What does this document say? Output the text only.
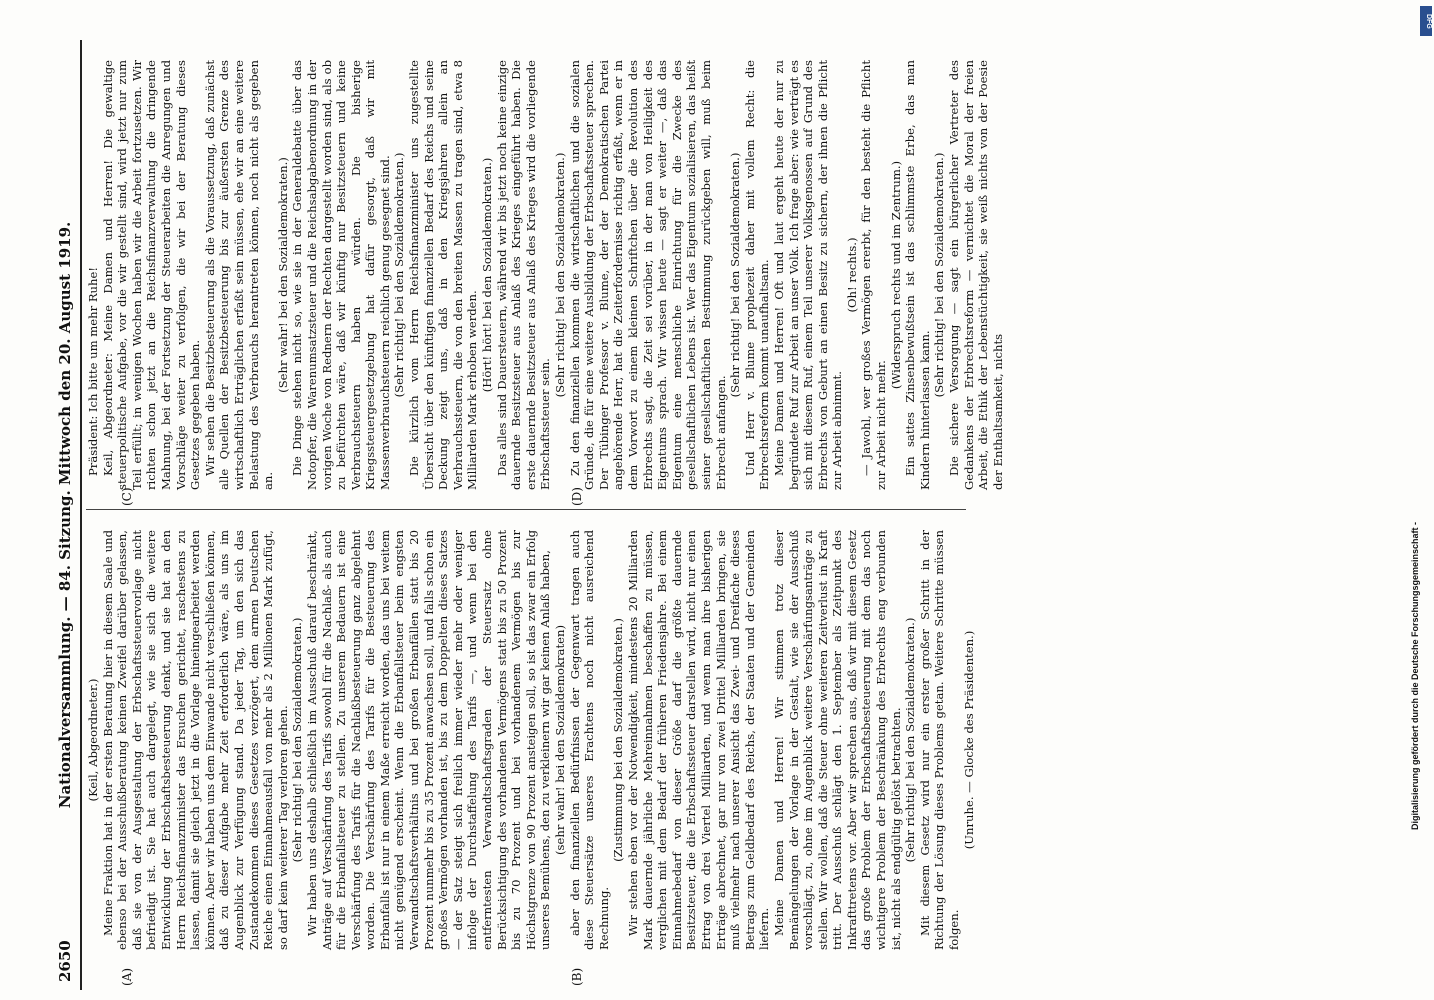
2650
Nationalversammlung. — 84. Sitzung. Mittwoch den 20. August 1919.
(A)	(B)
(C)	(D)

(Keil, Abgeordneter.) Meine Fraktion hat in der ersten Beratung hier in diesem Saale und ebenso bei der Ausschußberatung keinen Zweifel darüber gelassen, daß sie von der Ausgestaltung der Erbschaftssteuervorlage nicht befriedigt ist. Sie hat auch dargelegt, wie sie sich die weitere Entwicklung der Erbschaftsbesteuerung denkt, und sie hat an den Herrn Reichsfinanzminister das Ersuchen gerichtet, raschestens zu lassen, damit sie gleich jetzt in die Vorlage hineingearbeitet werden können. Aber wir haben uns dem Einwande nicht verschließen können, daß zu dieser Aufgabe mehr Zeit erforderlich wäre, als uns im Augenblick zur Verfügung stand. Da jeder Tag, um den sich das Zustandekommen dieses Gesetzes verzögert, dem armen Deutschen Reiche einen Einnahmeausfall von mehr als 2 Millionen Mark zufügt, so darf kein weiterer Tag verloren gehen. (Sehr richtig! bei den Sozialdemokraten.) Wir haben uns deshalb schließlich im Ausschuß darauf beschränkt, Anträge auf Verschärfung des Tarifs sowohl für die Nachlaß- als auch für die Erbanfallsteuer zu stellen. Zu unserem Bedauern ist eine Verschärfung des Tarifs für die Nachlaßbesteuerung ganz abgelehnt worden. Die Verschärfung des Tarifs für die Besteuerung des Erbanfalls ist nur in einem Maße erreicht worden, das uns bei weitem nicht genügend erscheint. Wenn die Erbanfallsteuer beim engsten Verwandtschaftsverhältnis und bei großen Erbanfällen statt bis 20 Prozent nunmehr bis zu 35 Prozent anwachsen soll, und falls schon ein großes Vermögen vorhanden ist, bis zu dem Doppelten dieses Satzes — der Satz steigt sich freilich immer wieder mehr oder weniger infolge der Durchstaffelung des Tarifs —, und wenn bei den entferntesten Verwandtschaftsgraden der Steuersatz ohne Berücksichtigung des vorhandenen Vermögens statt bis zu 50 Prozent bis zu 70 Prozent und bei vorhandenem Vermögen bis zur Höchstgrenze von 90 Prozent ansteigen soll, so ist das zwar ein Erfolg unseres Bemühens, den zu verkleinern wir gar keinen Anlaß haben, (sehr wahr! bei den Sozialdemokraten) aber den finanziellen Bedürfnissen der Gegenwart tragen auch diese Steuersätze unseres Erachtens noch nicht ausreichend Rechnung.

(Zustimmung bei den Sozialdemokraten.) Wir stehen eben vor der Notwendigkeit, mindestens 20 Milliarden Mark dauernde jährliche Mehreinnahmen beschaffen zu müssen, verglichen mit dem Bedarf der früheren Friedensjahre. Bei einem Einnahmebedarf von dieser Größe darf die größte dauernde Besitzsteuer, die die Erbschaftssteuer darstellen wird, nicht nur einen Ertrag von drei Viertel Milliarden, und wenn man ihre bisherigen Erträge abrechnet, gar nur von zwei Drittel Milliarden bringen, sie muß vielmehr nach unserer Ansicht das Zwei- und Dreifache dieses Betrags zum Geldbedarf des Reichs, der Staaten und der Gemeinden liefern. Meine Damen und Herren! Wir stimmen trotz dieser Bemängelungen der Vorlage in der Gestalt, wie sie der Ausschuß vorschlägt, zu, ohne im Augenblick weitere Verschärfungsanträge zu stellen. Wir wollen, daß die Steuer ohne weiteren Zeitverlust in Kraft tritt. Der Ausschuß schlägt den 1. September als Zeitpunkt des Inkrafttretens vor. Aber wir sprechen aus, daß wir mit diesem Gesetz das große Problem der Erbschaftsbesteuerung mit dem das noch wichtigere Problem der Beschränkung des Erbrechts eng verbunden ist, nicht als endgültig gelöst betrachten. (Sehr richtig! bei den Sozialdemokraten.) Mit diesem Gesetz wird nur ein erster großer Schritt in der Richtung der Lösung dieses Problems getan. Weitere Schritte müssen folgen.

(Unruhe. — Glocke des Präsidenten.)

Präsident: Ich bitte um mehr Ruhe! Keil, Abgeordneter: Meine Damen und Herren! Die gewaltige steuerpolitische Aufgabe, vor die wir gestellt sind, wird jetzt nur zum Teil erfüllt; in wenigen Wochen haben wir die Arbeit fortzusetzen. Wir richten schon jetzt an die Reichsfinanzverwaltung die dringende Mahnung, bei der Fortsetzung der Steuerarbeiten die Anregungen und Vorschläge weiter zu verfolgen, die wir bei der Beratung dieses Gesetzes gegeben haben. Wir sehen die Besitzbesteuerung als die Voraussetzung, daß zunächst alle Quellen der Besitzbesteuerung bis zur äußersten Grenze des wirtschaftlich Erträglichen erfaßt sein müssen, ehe wir an eine weitere Belastung des Verbrauchs herantreten können, noch nicht als gegeben an.

(Sehr wahr! bei den Sozialdemokraten.) Die Dinge stehen nicht so, wie sie in der Generaldebatte über das Notopfer, die Warenumsatzsteuer und die Reichsabgabenordnung in der vorigen Woche von Rednern der Rechten dargestellt worden sind, als ob zu befürchten wäre, daß wir künftig nur Besitzsteuern und keine Verbrauchsteuern haben würden. Die bisherige Kriegssteuergesetzgebung hat dafür gesorgt, daß wir mit Massenverbrauchsteuern reichlich genug gesegnet sind. (Sehr richtig! bei den Sozialdemokraten.) Die kürzlich vom Herrn Reichsfinanzminister uns zugestellte Übersicht über den künftigen finanziellen Bedarf des Reichs und seine Deckung zeigt uns, daß in den Kriegsjahren allein an Verbrauchssteuern, die von den breiten Massen zu tragen sind, etwa 8 Milliarden Mark erhoben werden. (Hört! hört! bei den Sozialdemokraten.) Das alles sind Dauersteuern, während wir bis jetzt noch keine einzige dauernde Besitzsteuer aus Anlaß des Krieges eingeführt haben. Die erste dauernde Besitzsteuer aus Anlaß des Krieges wird die vorliegende Erbschaftssteuer sein.

(Sehr richtig! bei den Sozialdemokraten.) Zu den finanziellen kommen die wirtschaftlichen und die sozialen Gründe, die für eine weitere Ausbildung der Erbschaftssteuer sprechen. Der Tübinger Professor v. Blume, der der Demokratischen Partei angehörende Herr, hat die Zeiterfordernisse richtig erfaßt, wenn er in dem Vorwort zu einem kleinen Schriftchen über die Revolution des Erbrechts sagt, die Zeit sei vorüber, in der man von Heiligkeit des Eigentums sprach. Wir wissen heute — sagt er weiter —, daß das Eigentum eine menschliche Einrichtung für die Zwecke des gesellschaftlichen Lebens ist. Wer das Eigentum sozialisieren, das heißt seiner gesellschaftlichen Bestimmung zurückgeben will, muß beim Erbrecht anfangen.

(Sehr richtig! bei den Sozialdemokraten.) Und Herr v. Blume prophezeit daher mit vollem Recht: die Erbrechtsreform kommt unaufhaltsam. Meine Damen und Herren! Oft und laut ergeht heute der nur zu begründete Ruf zur Arbeit an unser Volk. Ich frage aber: wie verträgt es sich mit diesem Ruf, einem Teil unserer Volksgenossen auf Grund des Erbrechts von Geburt an einen Besitz zu sichern, der ihnen die Pflicht zur Arbeit abnimmt.

(Oh! rechts.) — Jawohl, wer großes Vermögen ererbt, für den besteht die Pflicht zur Arbeit nicht mehr.

(Widerspruch rechts und im Zentrum.) Ein sattes Zinsenbewußtsein ist das schlimmste Erbe, das man Kindern hinterlassen kann.

(Sehr richtig! bei den Sozialdemokraten.) Die sichere Versorgung — sagt ein bürgerlicher Vertreter des Gedankens der Erbrechtsreform — vernichtet die Moral der freien Arbeit, die Ethik der Lebenstüchtigkeit, sie weiß nichts von der Poesie der Enthaltsamkeit, nichts

DFG
Digitalisierung gefördert durch die Deutsche Forschungsgemeinschaft -
